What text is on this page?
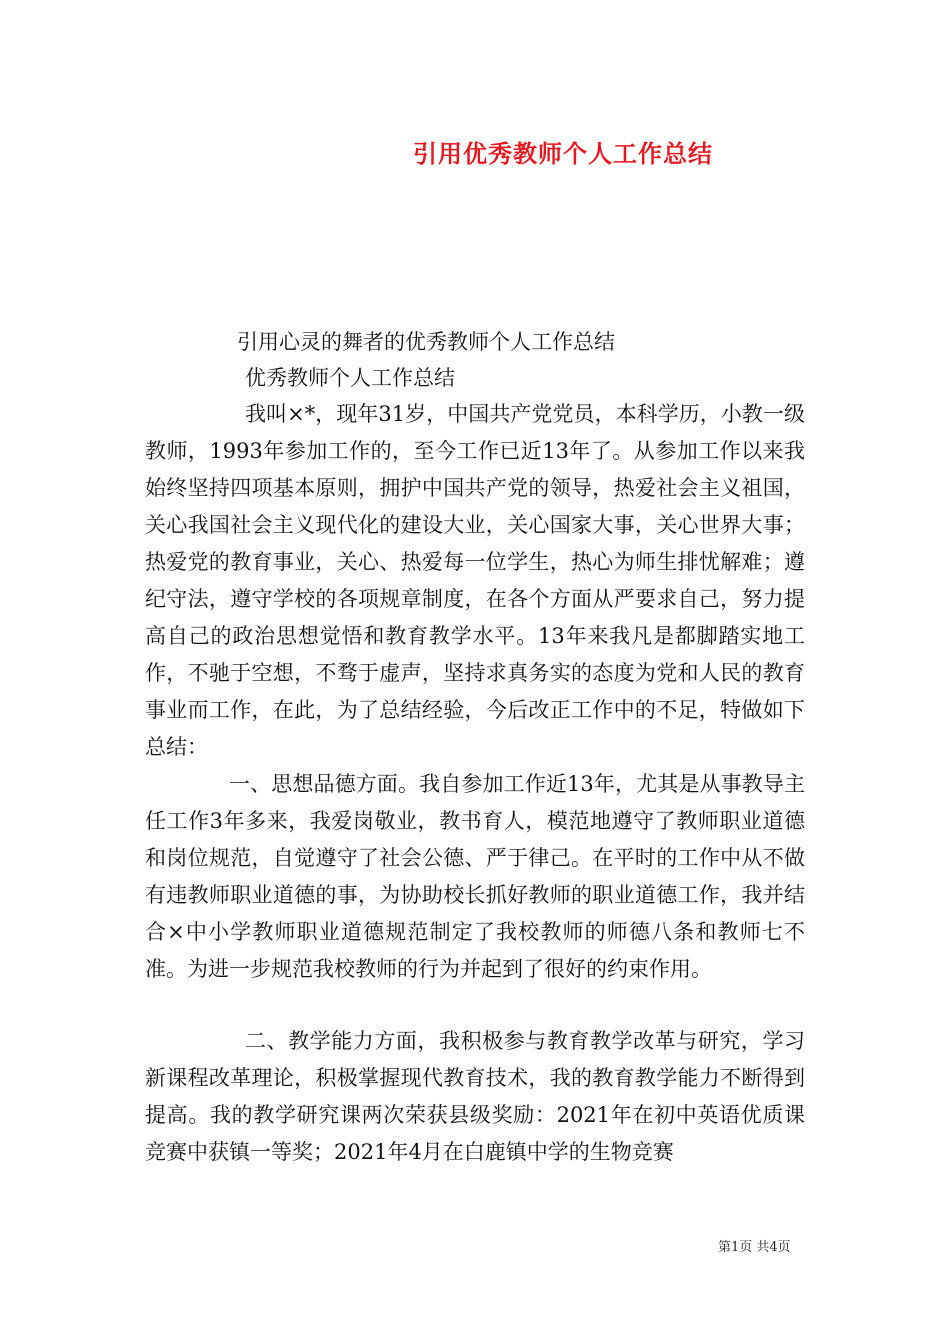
引用优秀教师个人工作总结
引用心灵的舞者的优秀教师个人工作总结
优秀教师个人工作总结

我叫×*，现年31岁，中国共产党党员，本科学历，小教一级教师，1993年参加工作的，至今工作已近13年了。从参加工作以来我始终坚持四项基本原则，拥护中国共产党的领导，热爱社会主义祖国，关心我国社会主义现代化的建设大业，关心国家大事，关心世界大事；热爱党的教育事业，关心、热爱每一位学生，热心为师生排忧解难；遵纪守法，遵守学校的各项规章制度，在各个方面从严要求自己，努力提高自己的政治思想觉悟和教育教学水平。13年来我凡是都脚踏实地工作，不驰于空想，不骛于虚声，坚持求真务实的态度为党和人民的教育事业而工作，在此，为了总结经验，今后改正工作中的不足，特做如下总结：

一、思想品德方面。我自参加工作近13年，尤其是从事教导主任工作3年多来，我爱岗敬业，教书育人，模范地遵守了教师职业道德和岗位规范，自觉遵守了社会公德、严于律己。在平时的工作中从不做有违教师职业道德的事，为协助校长抓好教师的职业道德工作，我并结合×中小学教师职业道德规范制定了我校教师的师德八条和教师七不准。为进一步规范我校教师的行为并起到了很好的约束作用。

二、教学能力方面，我积极参与教育教学改革与研究，学习新课程改革理论，积极掌握现代教育技术，我的教育教学能力不断得到提高。我的教学研究课两次荣获县级奖励：2021年在初中英语优质课竞赛中获镇一等奖；2021年4月在白鹿镇中学的生物竞赛

第1页 共4页
